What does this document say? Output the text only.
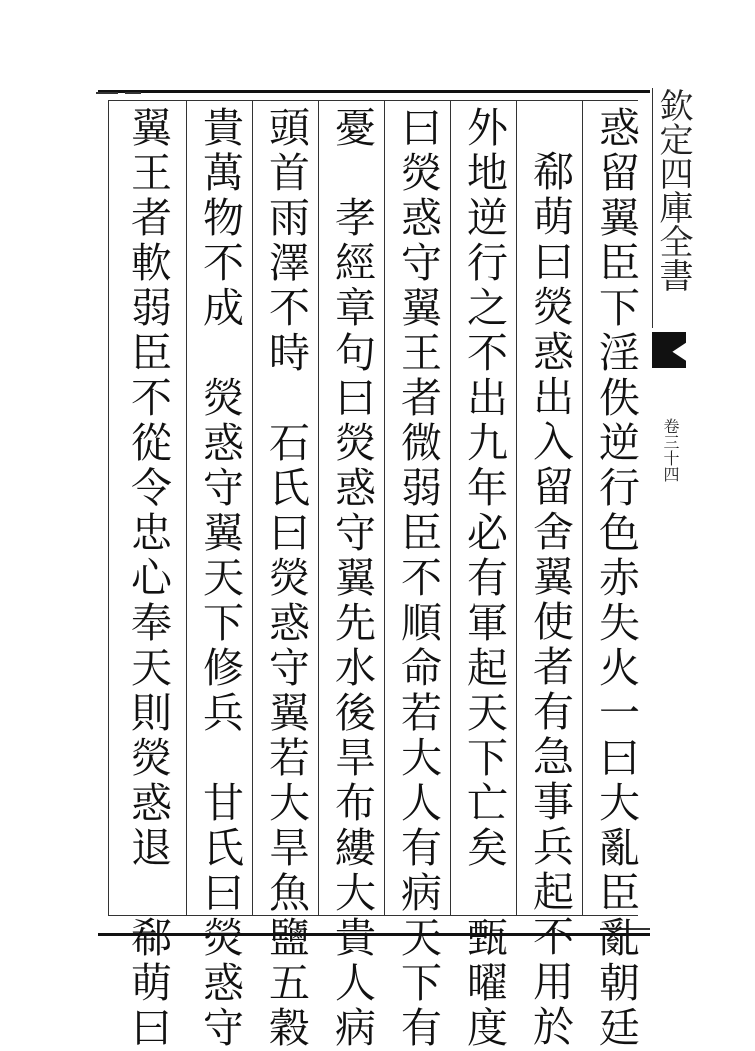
欽定四庫全書
卷三十四
惑留翼臣下淫佚逆行色赤失火一曰大亂臣亂朝廷
郗萌曰熒惑出入留舍翼使者有急事兵起不用於
外地逆行之不出九年必有軍起天下亡矣　甄曜度
曰熒惑守翼王者微弱臣不順命若大人有病天下有
憂　孝經章句曰熒惑守翼先水後旱布縷大貴人病
頭首雨澤不時　石氏曰熒惑守翼若大旱魚鹽五穀
貴萬物不成　熒惑守翼天下修兵　甘氏曰熒惑守
翼王者軟弱臣不從令忠心奉天則熒惑退　郗萌曰
